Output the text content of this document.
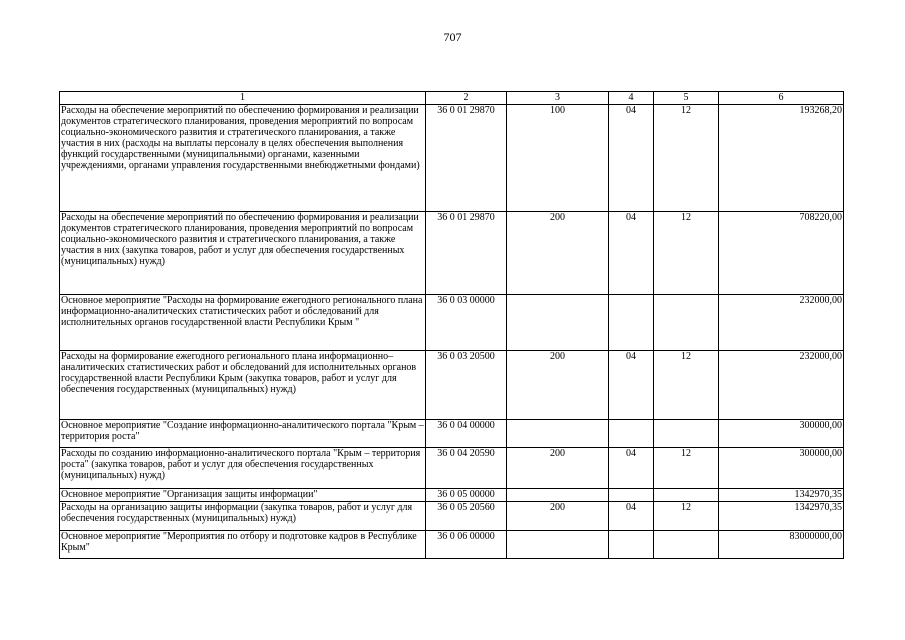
707
1	2	3	4	5	6
Расходы на обеспечение мероприятий по обеспечению формирования и реализации документов стратегического планирования, проведения мероприятий по вопросам социально-экономического развития и стратегического планирования, а также участия в них (расходы на выплаты персоналу в целях обеспечения выполнения функций государственными (муниципальными) органами, казенными учреждениями, органами управления государственными внебюджетными фондами)	36 0 01 29870	100	04	12	193268,20
Расходы на обеспечение мероприятий по обеспечению формирования и реализации документов стратегического планирования, проведения мероприятий по вопросам социально-экономического развития и стратегического планирования, а также участия в них (закупка товаров, работ и услуг для обеспечения государственных (муниципальных) нужд)	36 0 01 29870	200	04	12	708220,00
Основное мероприятие "Расходы на формирование ежегодного регионального плана информационно-аналитических статистических работ и обследований для исполнительных органов государственной власти Республики Крым "	36 0 03 00000				232000,00
Расходы на формирование ежегодного регионального плана информационно–аналитических статистических работ и обследований для исполнительных органов государственной власти Республики Крым (закупка товаров, работ и услуг для обеспечения государственных (муниципальных) нужд)	36 0 03 20500	200	04	12	232000,00
Основное мероприятие "Создание информационно-аналитического портала "Крым – территория роста"	36 0 04 00000				300000,00
Расходы по созданию информационно-аналитического портала "Крым – территория роста" (закупка товаров, работ и услуг для обеспечения государственных (муниципальных) нужд)	36 0 04 20590	200	04	12	300000,00
Основное мероприятие "Организация защиты информации"	36 0 05 00000				1342970,35
Расходы на организацию защиты информации (закупка товаров, работ и услуг для обеспечения государственных (муниципальных) нужд)	36 0 05 20560	200	04	12	1342970,35
Основное мероприятие "Мероприятия по отбору и подготовке кадров в Республике Крым"	36 0 06 00000				83000000,00
